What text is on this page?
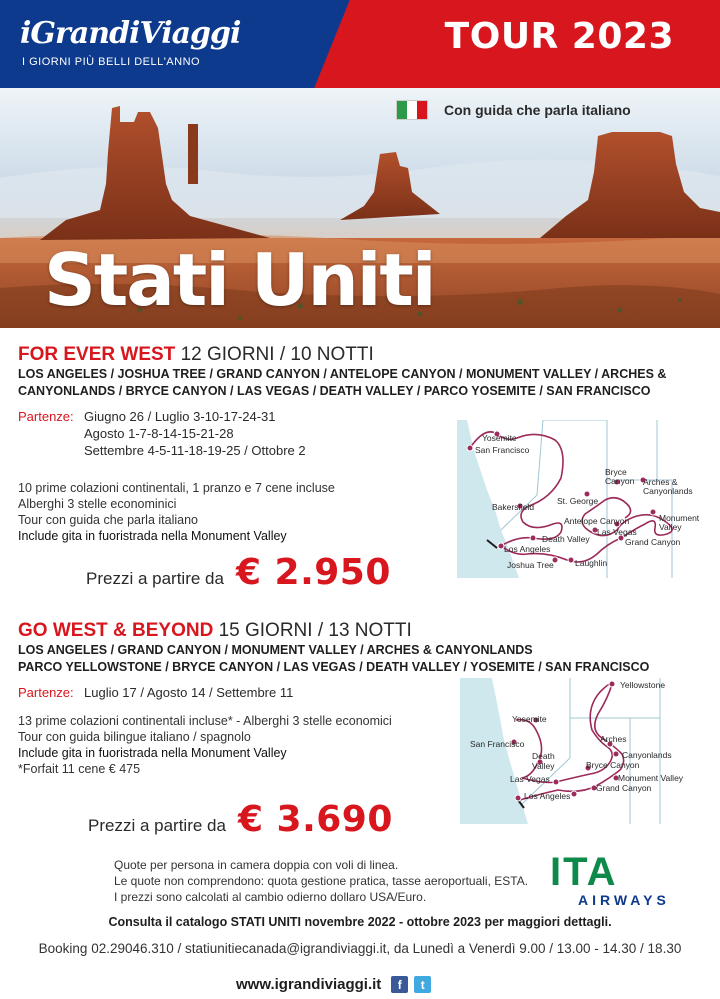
iGrandiViaggi
I GIORNI PIÙ BELLI DELL'ANNO
TOUR 2023
Con guida che parla italiano
Stati Uniti
FOR EVER WEST 12 GIORNI / 10 NOTTI
LOS ANGELES / JOSHUA TREE / GRAND CANYON / ANTELOPE CANYON / MONUMENT VALLEY / ARCHES &
CANYONLANDS / BRYCE CANYON / LAS VEGAS / DEATH VALLEY / PARCO YOSEMITE / SAN FRANCISCO
Partenze: Giugno 26 / Luglio 3-10-17-24-31
Agosto 1-7-8-14-15-21-28
Settembre 4-5-11-18-19-25 / Ottobre 2
10 prime colazioni continentali, 1 pranzo e 7 cene incluse
Alberghi 3 stelle econominici
Tour con guida che parla italiano
Include gita in fuoristrada nella Monument Valley
Prezzi a partire da € 2.950
Yosemite
San Francisco
Bakersfield
Death Valley
Los Angeles
Joshua Tree Laughlin
St. George
Bryce Canyon	Arches & Canyonlands
Antelope Canyon
Las Vegas
Monument Valley
Grand Canyon
GO WEST & BEYOND 15 GIORNI / 13 NOTTI
LOS ANGELES / GRAND CANYON / MONUMENT VALLEY / ARCHES & CANYONLANDS
PARCO YELLOWSTONE / BRYCE CANYON / LAS VEGAS / DEATH VALLEY / YOSEMITE / SAN FRANCISCO
Partenze: Luglio 17 / Agosto 14 / Settembre 11
13 prime colazioni continentali incluse* - Alberghi 3 stelle economici
Tour con guida bilingue italiano / spagnolo
Include gita in fuoristrada nella Monument Valley
*Forfait 11 cene € 475
Prezzi a partire da € 3.690
Yellowstone
Yosemite
San Francisco
Death Valley
Las Vegas
Los Angeles
Arches
Canyonlands
Bryce Canyon
Monument Valley
Grand Canyon
Quote per persona in camera doppia con voli di linea.
Le quote non comprendono: quota gestione pratica, tasse aeroportuali, ESTA.
I prezzi sono calcolati al cambio odierno dollaro USA/Euro.
ITA
AIRWAYS
Consulta il catalogo STATI UNITI novembre 2022 - ottobre 2023 per maggiori dettagli.
Booking 02.29046.310 / statiunitiecanada@igrandiviaggi.it, da Lunedì a Venerdì 9.00 / 13.00 - 14.30 / 18.30
www.igrandiviaggi.it	f	t
